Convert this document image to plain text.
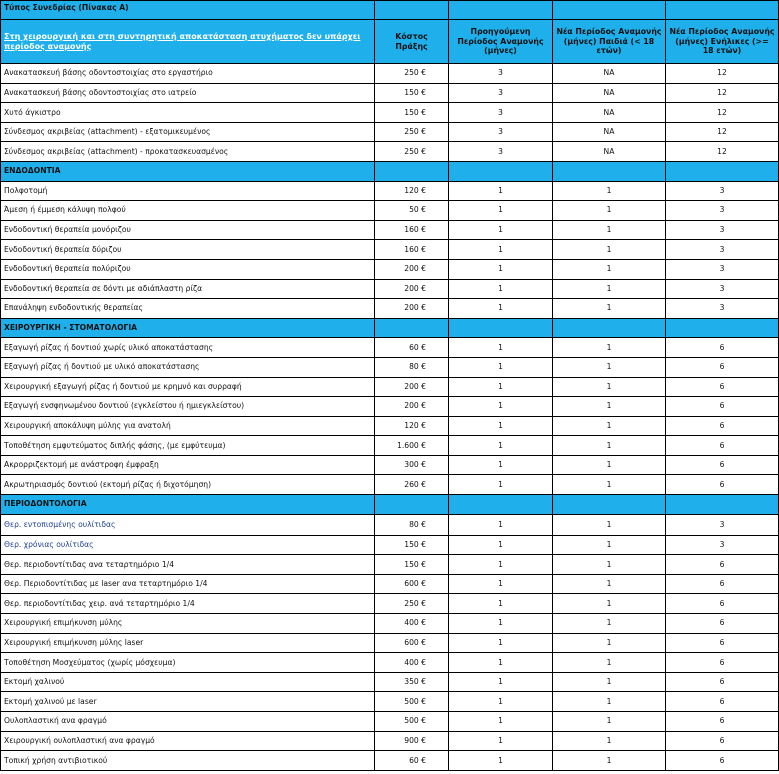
Τύπος Συνεδρίας (Πίνακας Α)				
Στη χειρουργική και στη συντηρητική αποκατάσταση ατυχήματος δεν υπάρχει περίοδος αναμονής	Κόστος Πράξης	Προηγούμενη Περίοδος Αναμονής (μήνες)	Νέα Περίοδος Αναμονής (μήνες) Παιδιά (< 18 ετών)	Νέα Περίοδος Αναμονής (μήνες) Ενήλικες (>= 18 ετών)
Ανακατασκευή βάσης οδοντοστοιχίας στο εργαστήριο	250 €	3	NA	12
Ανακατασκευή βάσης οδοντοστοιχίας στο ιατρείο	150 €	3	NA	12
Χυτό άγκιστρο	150 €	3	NA	12
Σύνδεσμος ακριβείας (attachment) - εξατομικευμένος	250 €	3	NA	12
Σύνδεσμος ακριβείας (attachment) - προκατασκευασμένος	250 €	3	NA	12
ΕΝΔΟΔΟΝΤΙΑ				
Πολφοτομή	120 €	1	1	3
Άμεση ή έμμεση κάλυψη πολφού	50 €	1	1	3
Ενδοδοντική θεραπεία μονόριζου	160 €	1	1	3
Ενδοδοντική θεραπεία δύριζου	160 €	1	1	3
Ενδοδοντική θεραπεία πολύριζου	200 €	1	1	3
Ενδοδοντική θεραπεία σε δόντι με αδιάπλαστη ρίζα	200 €	1	1	3
Επανάληψη ενδοδοντικής θεραπείας	200 €	1	1	3
ΧΕΙΡΟΥΡΓΙΚΗ - ΣΤΟΜΑΤΟΛΟΓΙΑ				
Εξαγωγή ρίζας ή δοντιού χωρίς υλικό αποκατάστασης	60 €	1	1	6
Εξαγωγή ρίζας ή δοντιού με υλικό αποκατάστασης	80 €	1	1	6
Χειρουργική εξαγωγή ρίζας ή δοντιού με κρημνό και συρραφή	200 €	1	1	6
Εξαγωγή ενσφηνωμένου δοντιού (εγκλείστου ή ημιεγκλείστου)	200 €	1	1	6
Χειρουργική αποκάλυψη μύλης για ανατολή	120 €	1	1	6
Τοποθέτηση εμφυτεύματος διπλής φάσης, (με εμφύτευμα)	1.600 €	1	1	6
Ακρορριζεκτομή με ανάστροφη έμφραξη	300 €	1	1	6
Ακρωτηριασμός δοντιού (εκτομή ρίζας ή διχοτόμηση)	260 €	1	1	6
ΠΕΡΙΟΔΟΝΤΟΛΟΓΙΑ				
Θερ. εντοπισμένης ουλίτιδας	80 €	1	1	3
Θερ. χρόνιας ουλίτιδας	150 €	1	1	3
Θερ. περιοδοντίτιδας ανα τεταρτημόριο 1/4	150 €	1	1	6
Θερ. Περιοδοντίτιδας με laser ανα τεταρτημόριο 1/4	600 €	1	1	6
Θερ. περιοδοντίτιδας χειρ. ανά τεταρτημόριο 1/4	250 €	1	1	6
Χειρουργική επιμήκυνση μύλης	400 €	1	1	6
Χειρουργική επιμήκυνση μύλης laser	600 €	1	1	6
Τοποθέτηση Μοσχεύματος (χωρίς μόσχευμα)	400 €	1	1	6
Εκτομή χαλινού	350 €	1	1	6
Εκτομή χαλινού με laser	500 €	1	1	6
Ουλοπλαστική ανα φραγμό	500 €	1	1	6
Χειρουργική ουλοπλαστική ανα φραγμό	900 €	1	1	6
Τοπική χρήση αντιβιοτικού	60 €	1	1	6
